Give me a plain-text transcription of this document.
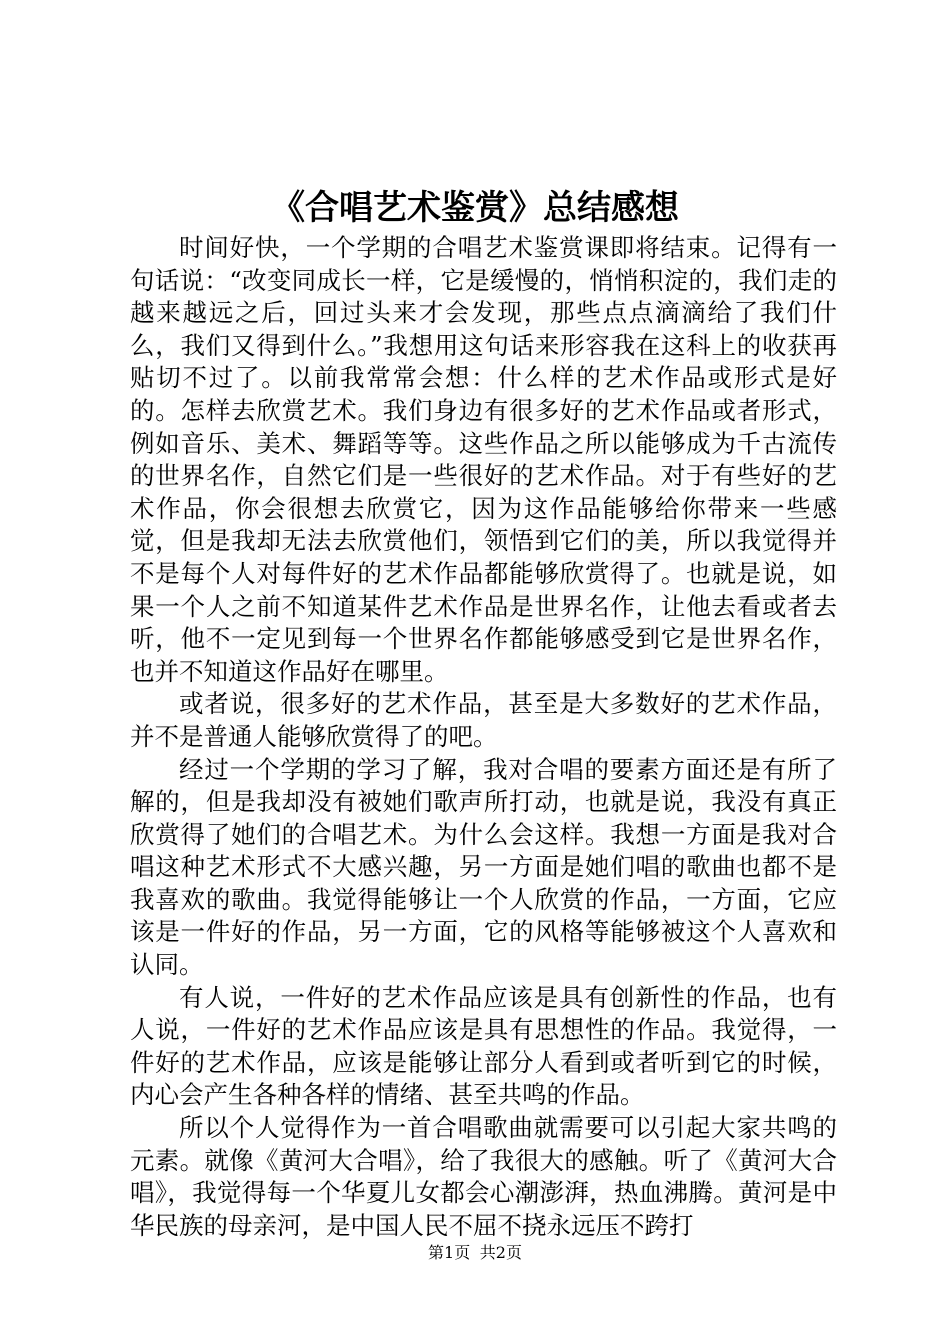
《合唱艺术鉴赏》总结感想

时间好快，一个学期的合唱艺术鉴赏课即将结束。记得有一句话说：“改变同成长一样，它是缓慢的，悄悄积淀的，我们走的越来越远之后，回过头来才会发现，那些点点滴滴给了我们什么，我们又得到什么。”我想用这句话来形容我在这科上的收获再贴切不过了。以前我常常会想：什么样的艺术作品或形式是好的。怎样去欣赏艺术。我们身边有很多好的艺术作品或者形式，例如音乐、美术、舞蹈等等。这些作品之所以能够成为千古流传的世界名作，自然它们是一些很好的艺术作品。对于有些好的艺术作品，你会很想去欣赏它，因为这作品能够给你带来一些感觉，但是我却无法去欣赏他们，领悟到它们的美，所以我觉得并不是每个人对每件好的艺术作品都能够欣赏得了。也就是说，如果一个人之前不知道某件艺术作品是世界名作，让他去看或者去听，他不一定见到每一个世界名作都能够感受到它是世界名作，也并不知道这作品好在哪里。

或者说，很多好的艺术作品，甚至是大多数好的艺术作品，并不是普通人能够欣赏得了的吧。

经过一个学期的学习了解，我对合唱的要素方面还是有所了解的，但是我却没有被她们歌声所打动，也就是说，我没有真正欣赏得了她们的合唱艺术。为什么会这样。我想一方面是我对合唱这种艺术形式不大感兴趣，另一方面是她们唱的歌曲也都不是我喜欢的歌曲。我觉得能够让一个人欣赏的作品，一方面，它应该是一件好的作品，另一方面，它的风格等能够被这个人喜欢和认同。

有人说，一件好的艺术作品应该是具有创新性的作品，也有人说，一件好的艺术作品应该是具有思想性的作品。我觉得，一件好的艺术作品，应该是能够让部分人看到或者听到它的时候，内心会产生各种各样的情绪、甚至共鸣的作品。

所以个人觉得作为一首合唱歌曲就需要可以引起大家共鸣的元素。就像《黄河大合唱》，给了我很大的感触。听了《黄河大合唱》，我觉得每一个华夏儿女都会心潮澎湃，热血沸腾。黄河是中华民族的母亲河，是中国人民不屈不挠永远压不跨打

第1页 共2页
